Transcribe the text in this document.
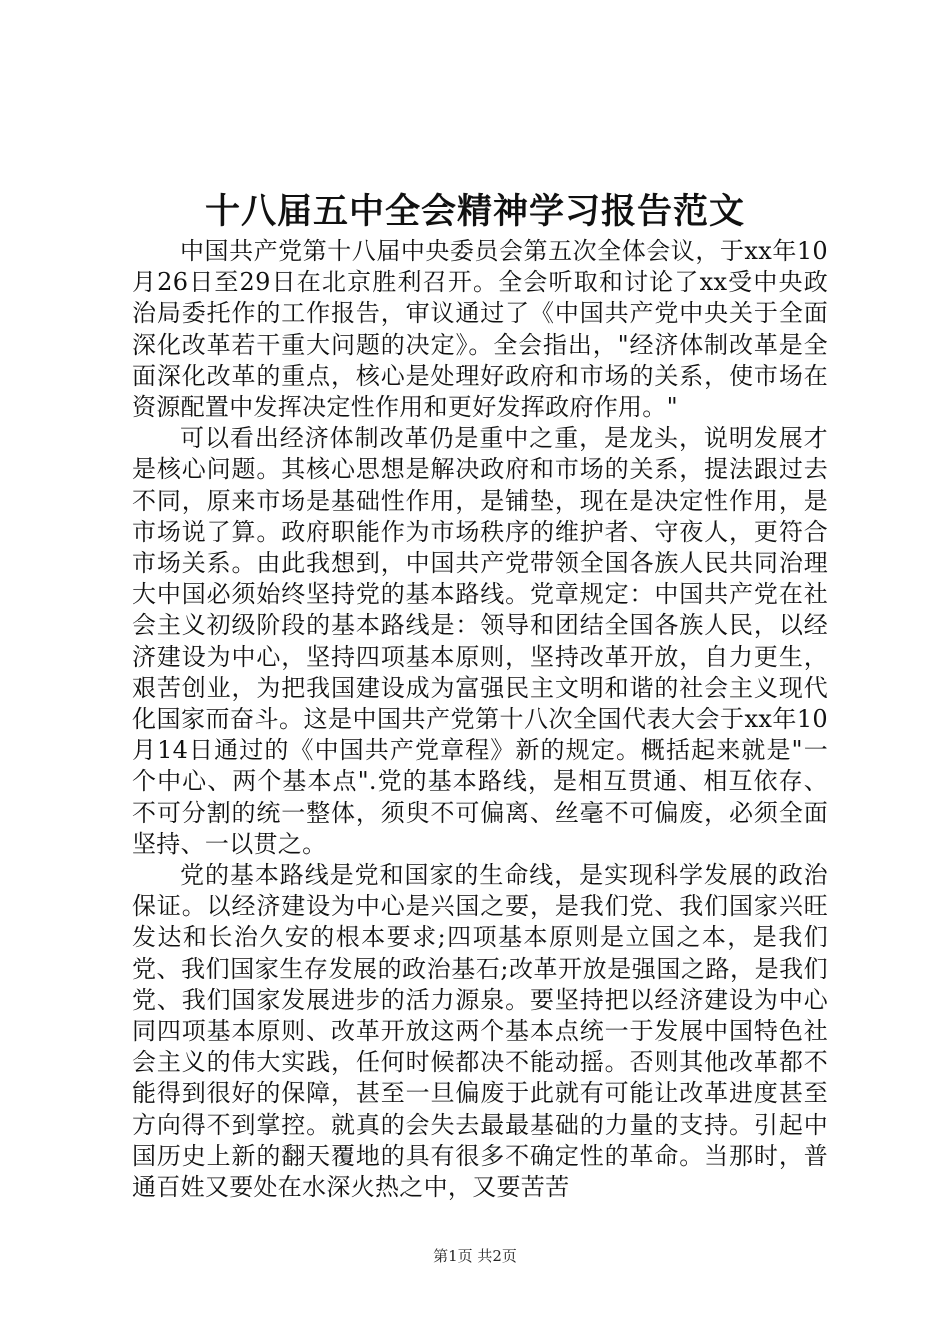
十八届五中全会精神学习报告范文

中国共产党第十八届中央委员会第五次全体会议，于xx年10月26日至29日在北京胜利召开。全会听取和讨论了xx受中央政治局委托作的工作报告，审议通过了《中国共产党中央关于全面深化改革若干重大问题的决定》。全会指出，"经济体制改革是全面深化改革的重点，核心是处理好政府和市场的关系，使市场在资源配置中发挥决定性作用和更好发挥政府作用。"

可以看出经济体制改革仍是重中之重，是龙头，说明发展才是核心问题。其核心思想是解决政府和市场的关系，提法跟过去不同，原来市场是基础性作用，是铺垫，现在是决定性作用，是市场说了算。政府职能作为市场秩序的维护者、守夜人，更符合市场关系。由此我想到，中国共产党带领全国各族人民共同治理大中国必须始终坚持党的基本路线。党章规定：中国共产党在社会主义初级阶段的基本路线是：领导和团结全国各族人民，以经济建设为中心，坚持四项基本原则，坚持改革开放，自力更生，艰苦创业，为把我国建设成为富强民主文明和谐的社会主义现代化国家而奋斗。这是中国共产党第十八次全国代表大会于xx年10月14日通过的《中国共产党章程》新的规定。概括起来就是"一个中心、两个基本点".党的基本路线，是相互贯通、相互依存、不可分割的统一整体，须臾不可偏离、丝毫不可偏废，必须全面坚持、一以贯之。

党的基本路线是党和国家的生命线，是实现科学发展的政治保证。以经济建设为中心是兴国之要，是我们党、我们国家兴旺发达和长治久安的根本要求;四项基本原则是立国之本，是我们党、我们国家生存发展的政治基石;改革开放是强国之路，是我们党、我们国家发展进步的活力源泉。要坚持把以经济建设为中心同四项基本原则、改革开放这两个基本点统一于发展中国特色社会主义的伟大实践，任何时候都决不能动摇。否则其他改革都不能得到很好的保障，甚至一旦偏废于此就有可能让改革进度甚至方向得不到掌控。就真的会失去最最基础的力量的支持。引起中国历史上新的翻天覆地的具有很多不确定性的革命。当那时，普通百姓又要处在水深火热之中，又要苦苦

第1页 共2页
